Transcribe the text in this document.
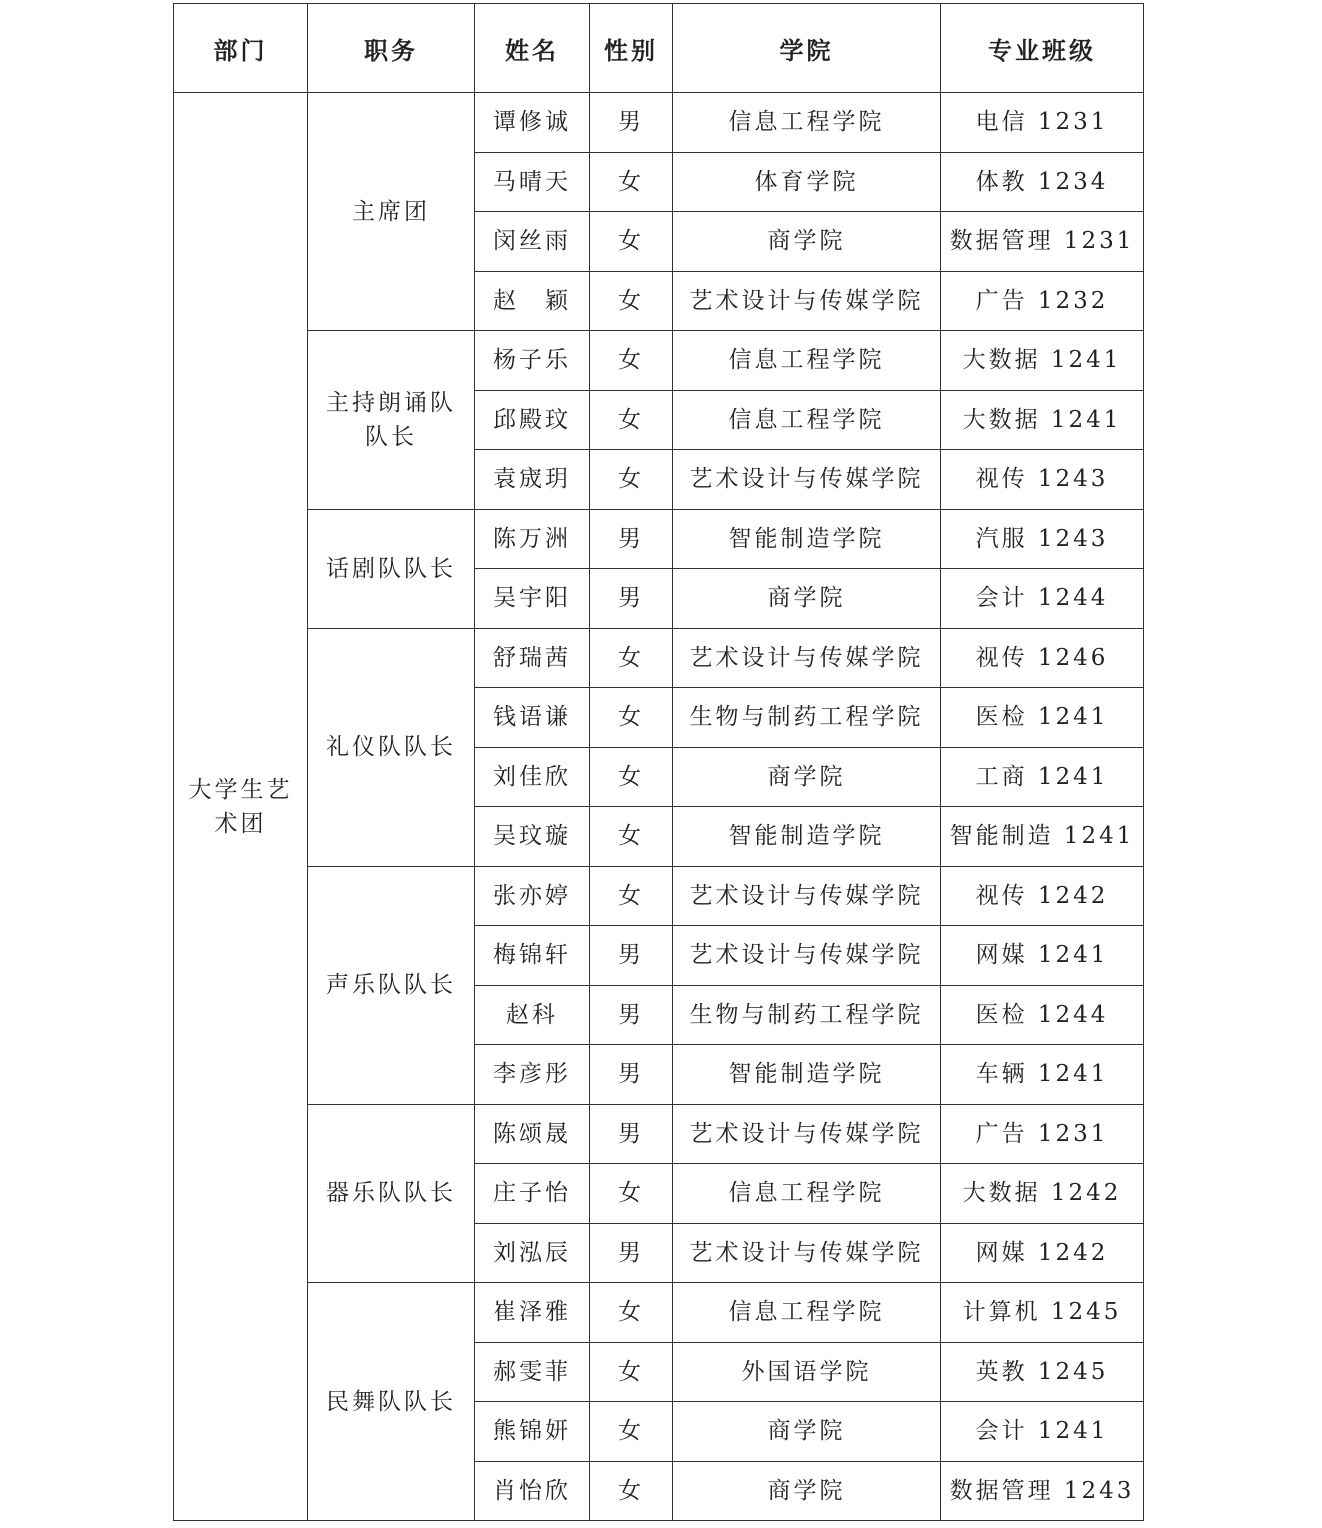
部门	职务	姓名	性别	学院	专业班级
大学生艺术团	主席团	谭修诚	男	信息工程学院	电信 1231
		马晴天	女	体育学院	体教 1234
		闵丝雨	女	商学院	数据管理 1231
		赵　颖	女	艺术设计与传媒学院	广告 1232
	主持朗诵队队长	杨子乐	女	信息工程学院	大数据 1241
		邱殿玟	女	信息工程学院	大数据 1241
		袁宬玥	女	艺术设计与传媒学院	视传 1243
	话剧队队长	陈万洲	男	智能制造学院	汽服 1243
		吴宇阳	男	商学院	会计 1244
	礼仪队队长	舒瑞茜	女	艺术设计与传媒学院	视传 1246
		钱语谦	女	生物与制药工程学院	医检 1241
		刘佳欣	女	商学院	工商 1241
		吴玟璇	女	智能制造学院	智能制造 1241
	声乐队队长	张亦婷	女	艺术设计与传媒学院	视传 1242
		梅锦轩	男	艺术设计与传媒学院	网媒 1241
		赵科	男	生物与制药工程学院	医检 1244
		李彦彤	男	智能制造学院	车辆 1241
	器乐队队长	陈颂晟	男	艺术设计与传媒学院	广告 1231
		庄子怡	女	信息工程学院	大数据 1242
		刘泓辰	男	艺术设计与传媒学院	网媒 1242
	民舞队队长	崔泽雅	女	信息工程学院	计算机 1245
		郝雯菲	女	外国语学院	英教 1245
		熊锦妍	女	商学院	会计 1241
		肖怡欣	女	商学院	数据管理 1243
